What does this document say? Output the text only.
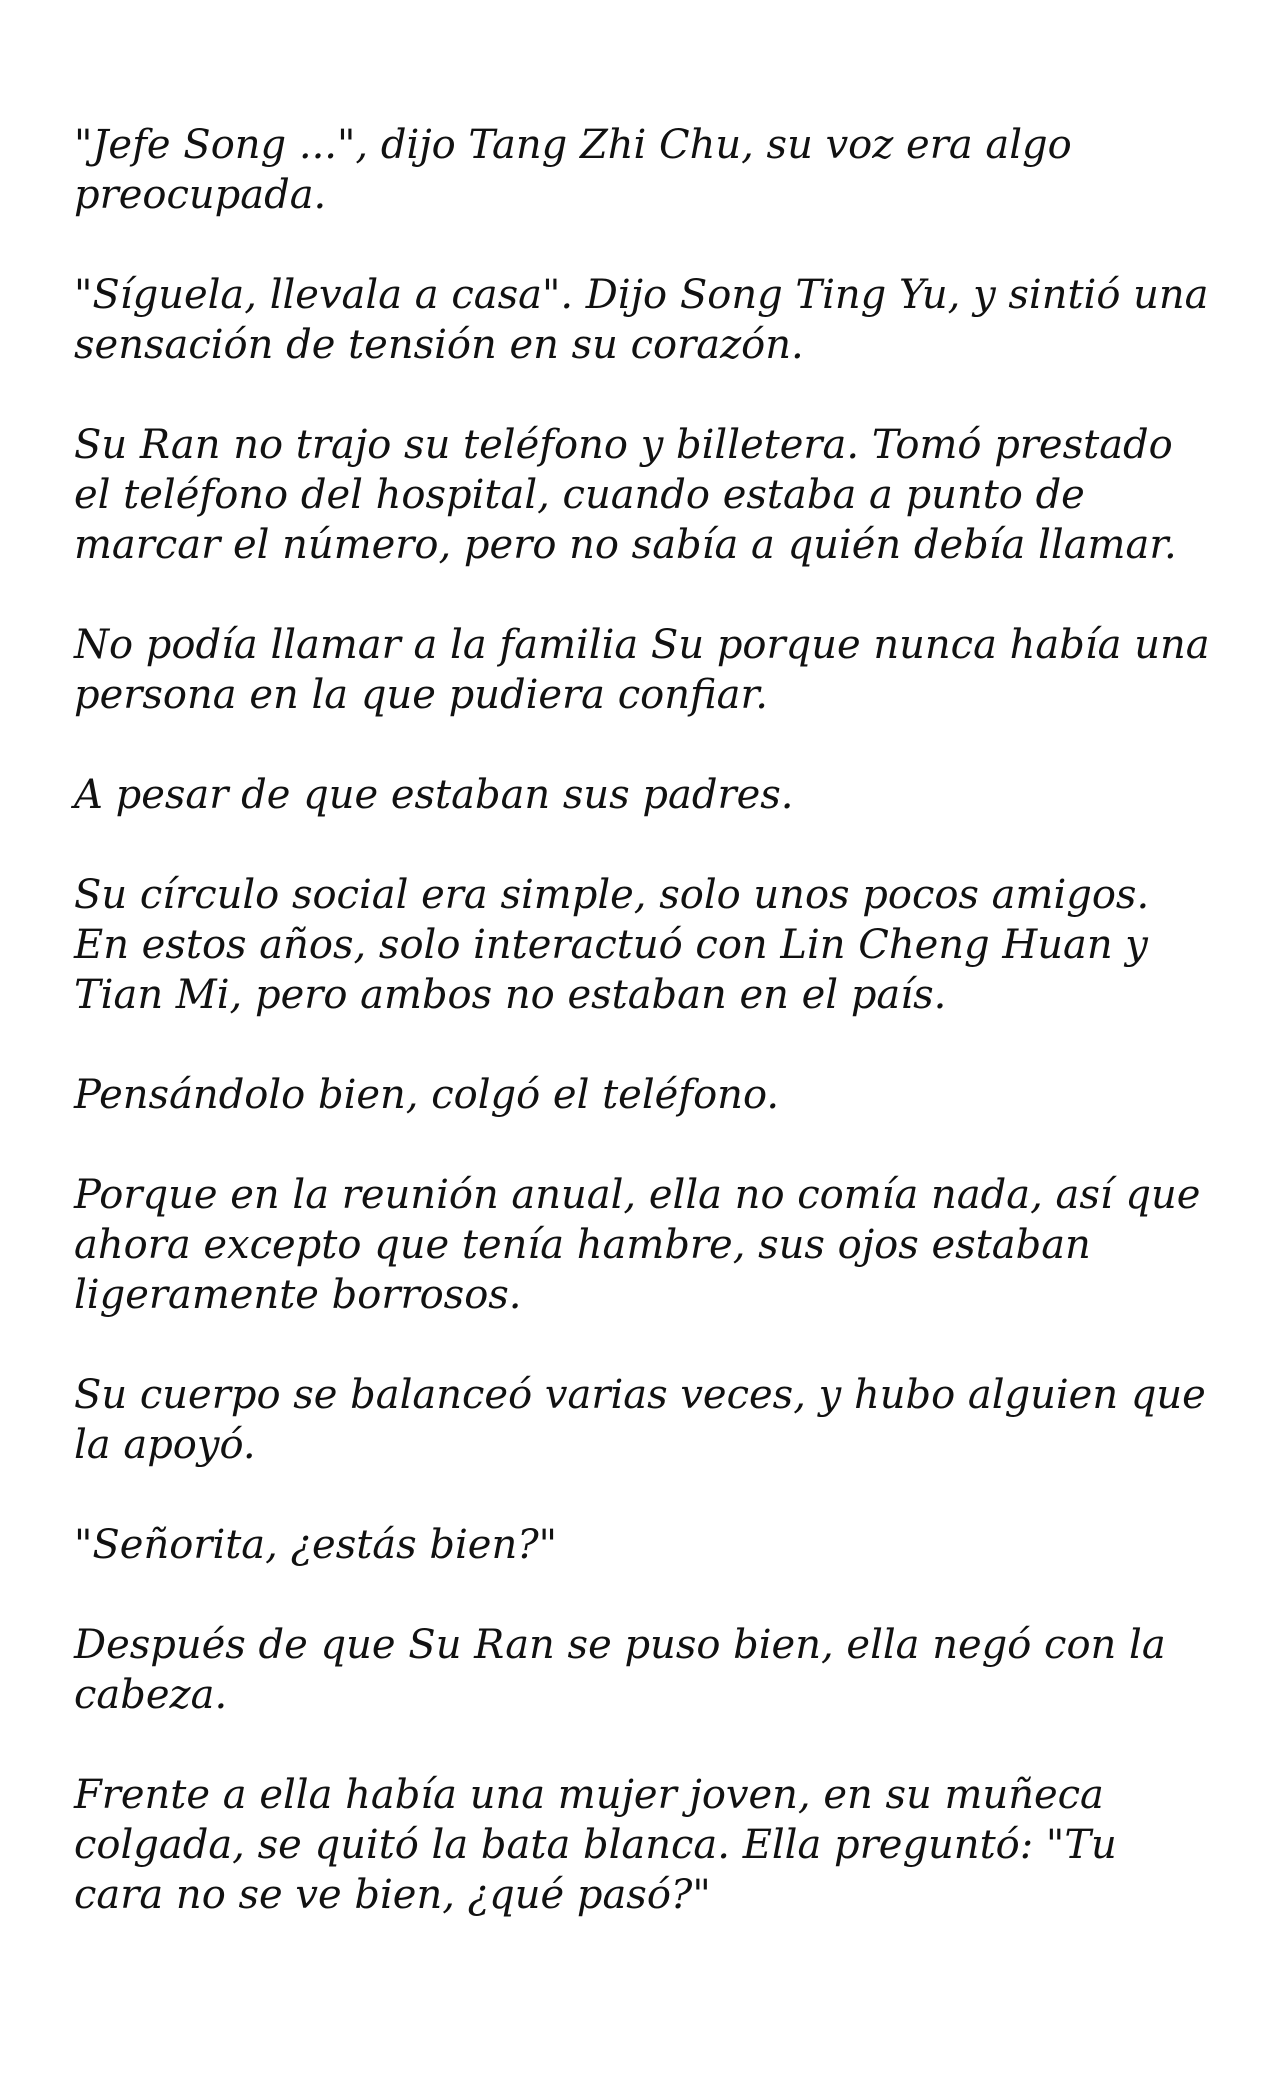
"Jefe Song ...", dijo Tang Zhi Chu, su voz era algo preocupada.

"Síguela, llevala a casa". Dijo Song Ting Yu, y sintió una sensación de tensión en su corazón.

Su Ran no trajo su teléfono y billetera. Tomó prestado el teléfono del hospital, cuando estaba a punto de marcar el número, pero no sabía a quién debía llamar.

No podía llamar a la familia Su porque nunca había una persona en la que pudiera confiar.

A pesar de que estaban sus padres.

Su círculo social era simple, solo unos pocos amigos. En estos años, solo interactuó con Lin Cheng Huan y Tian Mi, pero ambos no estaban en el país.

Pensándolo bien, colgó el teléfono.

Porque en la reunión anual, ella no comía nada, así que ahora excepto que tenía hambre, sus ojos estaban ligeramente borrosos.

Su cuerpo se balanceó varias veces, y hubo alguien que la apoyó.

"Señorita, ¿estás bien?"

Después de que Su Ran se puso bien, ella negó con la cabeza.

Frente a ella había una mujer joven, en su muñeca colgada, se quitó la bata blanca. Ella preguntó: "Tu cara no se ve bien, ¿qué pasó?"
